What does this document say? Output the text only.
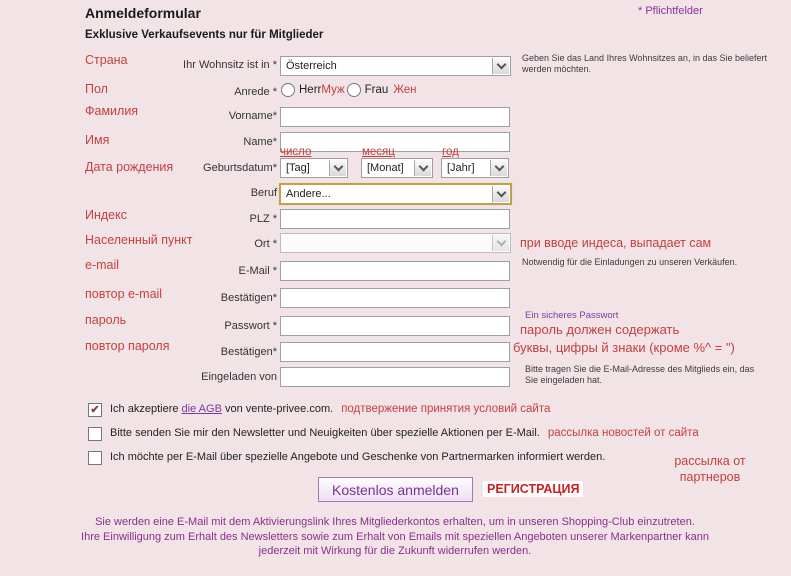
Anmeldeformular	* Pflichtfelder
Exklusive Verkaufsevents nur für Mitglieder
Страна	Ihr Wohnsitz ist in * Österreich
Geben Sie das Land Ihres Wohnsitzes an, in das Sie beliefert werden möchten.
Пол	Anrede * Herr Муж Frau Жен
Фамилия	Vorname*
Имя	Name*
число	месяц	год
Дата рождения	Geburtsdatum* [Tag]	[Monat]	[Jahr]
Beruf Andere...
Индекс	PLZ *
Населенный пункт	Ort *	при вводе индеса, выпадает сам
e-mail	E-Mail *
Notwendig für die Einladungen zu unseren Verkäufen.
повтор e-mail	Bestätigen*
пароль	Passwort *
Ein sicheres Passwort
пароль должен содержать
буквы, цифры й знаки (кроме %^ = ")
повтор пароля	Bestätigen*
Eingeladen von
Bitte tragen Sie die E-Mail-Adresse des Mitglieds ein, das Sie eingeladen hat.
✔ Ich akzeptiere die AGB von vente-privee.com. подтвержение принятия условий сайта
Bitte senden Sie mir den Newsletter und Neuigkeiten über spezielle Aktionen per E-Mail. рассылка новостей от сайта
Ich möchte per E-Mail über spezielle Angebote und Geschenke von Partnermarken informiert werden.	рассылка от партнеров
Kostenlos anmelden	РЕГИСТРАЦИЯ

Sie werden eine E-Mail mit dem Aktivierungslink Ihres Mitgliederkontos erhalten, um in unseren Shopping-Club einzutreten.

Ihre Einwilligung zum Erhalt des Newsletters sowie zum Erhalt von Emails mit speziellen Angeboten unserer Markenpartner kann jederzeit mit Wirkung für die Zukunft widerrufen werden.
